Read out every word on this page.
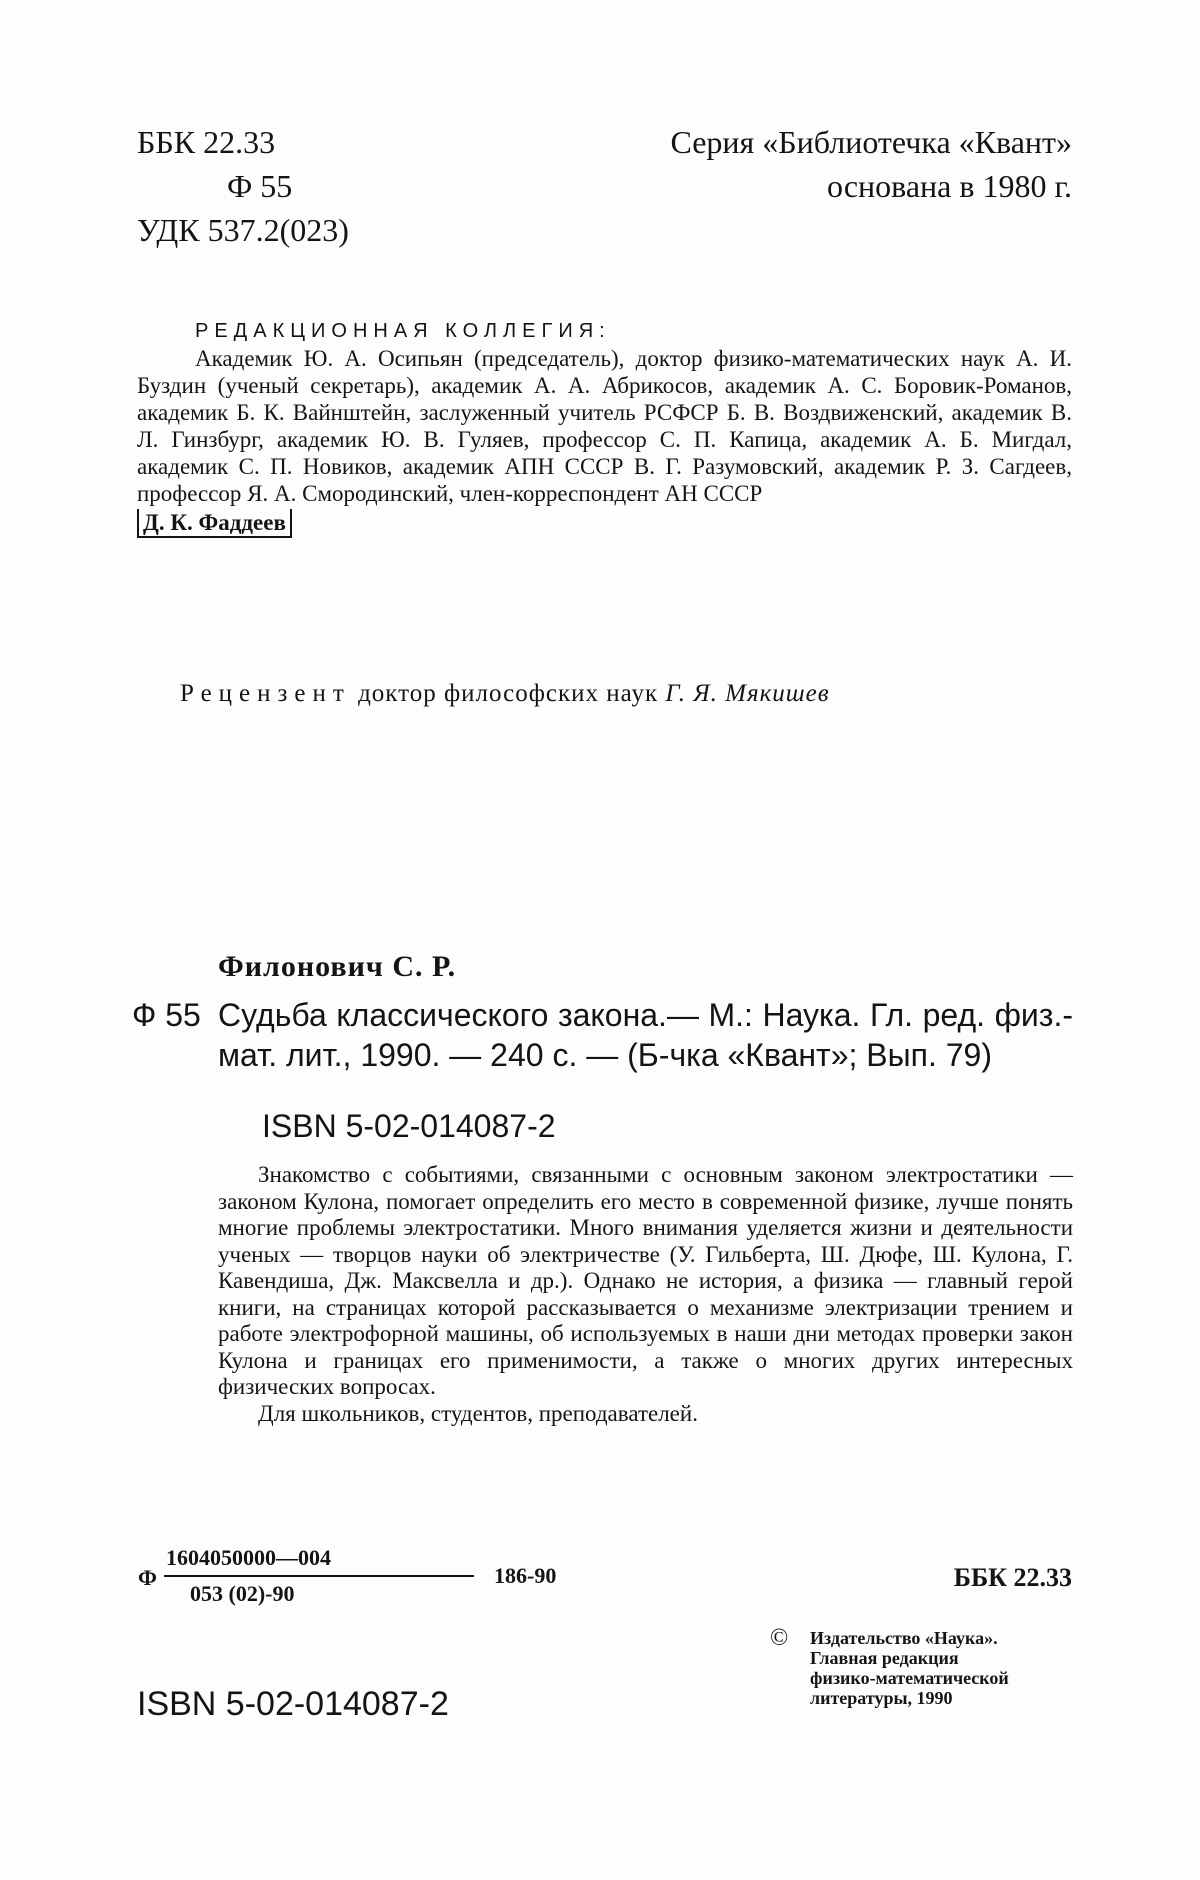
ББК 22.33
Ф 55
УДК 537.2(023)
Серия «Библиотечка «Квант»
основана в 1980 г.
РЕДАКЦИОННАЯ КОЛЛЕГИЯ:
Академик Ю. А. Осипьян (председатель), доктор физико-математических наук А. И. Буздин (ученый секретарь), академик А. А. Абрикосов, академик А. С. Боровик-Романов, академик Б. К. Вайнштейн, заслуженный учитель РСФСР Б. В. Воздвиженский, академик В. Л. Гинзбург, академик Ю. В. Гуляев, профессор С. П. Капица, академик А. Б. Мигдал, академик С. П. Новиков, академик АПН СССР В. Г. Разумовский, академик Р. З. Сагдеев, профессор Я. А. Смородинский, член-корреспондент АН СССР
Д. К. Фаддеев
Рецензент доктор философских наук Г. Я. Мякишев
Филонович С. Р.
Ф 55 Судьба классического закона.— М.: Наука. Гл. ред. физ.-мат. лит., 1990. — 240 с. — (Б-чка «Квант»; Вып. 79)
ISBN 5-02-014087-2

Знакомство с событиями, связанными с основным законом электростатики — законом Кулона, помогает определить его место в современной физике, лучше понять многие проблемы электростатики. Много внимания уделяется жизни и деятельности ученых — творцов науки об электричестве (У. Гильберта, Ш. Дюфе, Ш. Кулона, Г. Кавендиша, Дж. Максвелла и др.). Однако не история, а физика — главный герой книги, на страницах которой рассказывается о механизме электризации трением и работе электрофорной машины, об используемых в наши дни методах проверки закон Кулона и границах его применимости, а также о многих других интересных физических вопросах.

Для школьников, студентов, преподавателей.

Ф
1604050000—004
053 (02)-90
186-90	ББК 22.33
ISBN 5-02-014087-2
© Издательство «Наука».
Главная редакция
физико-математической
литературы, 1990
